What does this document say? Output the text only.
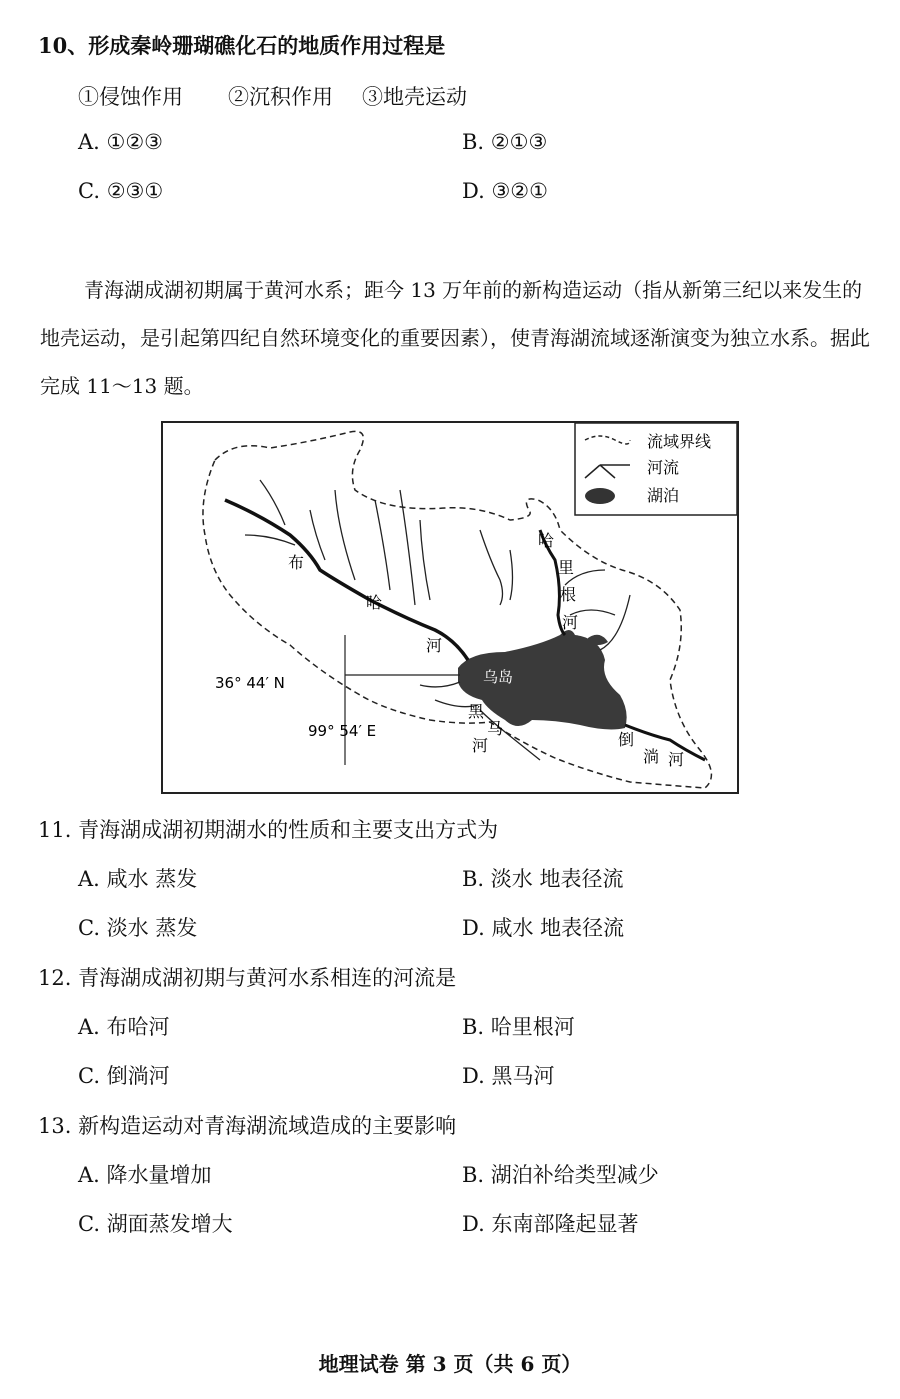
10、形成秦岭珊瑚礁化石的地质作用过程是
①侵蚀作用 ②沉积作用 ③地壳运动
A. ①②③	B. ②①③
C. ②③①	D. ③②①

青海湖成湖初期属于黄河水系；距今 13 万年前的新构造运动（指从新第三纪以来发生的地壳运动，是引起第四纪自然环境变化的重要因素），使青海湖流域逐渐演变为独立水系。据此完成 11～13 题。

流域界线
河流
湖泊
布
哈
河
哈
里
根
河
乌岛
黑
马
河	倒
淌 河
36° 44′ N
99° 54′ E
11. 青海湖成湖初期湖水的性质和主要支出方式为
A. 咸水 蒸发	B. 淡水 地表径流
C. 淡水 蒸发	D. 咸水 地表径流
12. 青海湖成湖初期与黄河水系相连的河流是
A. 布哈河	B. 哈里根河
C. 倒淌河	D. 黑马河
13. 新构造运动对青海湖流域造成的主要影响
A. 降水量增加	B. 湖泊补给类型减少
C. 湖面蒸发增大	D. 东南部隆起显著
地理试卷 第 3 页（共 6 页）
